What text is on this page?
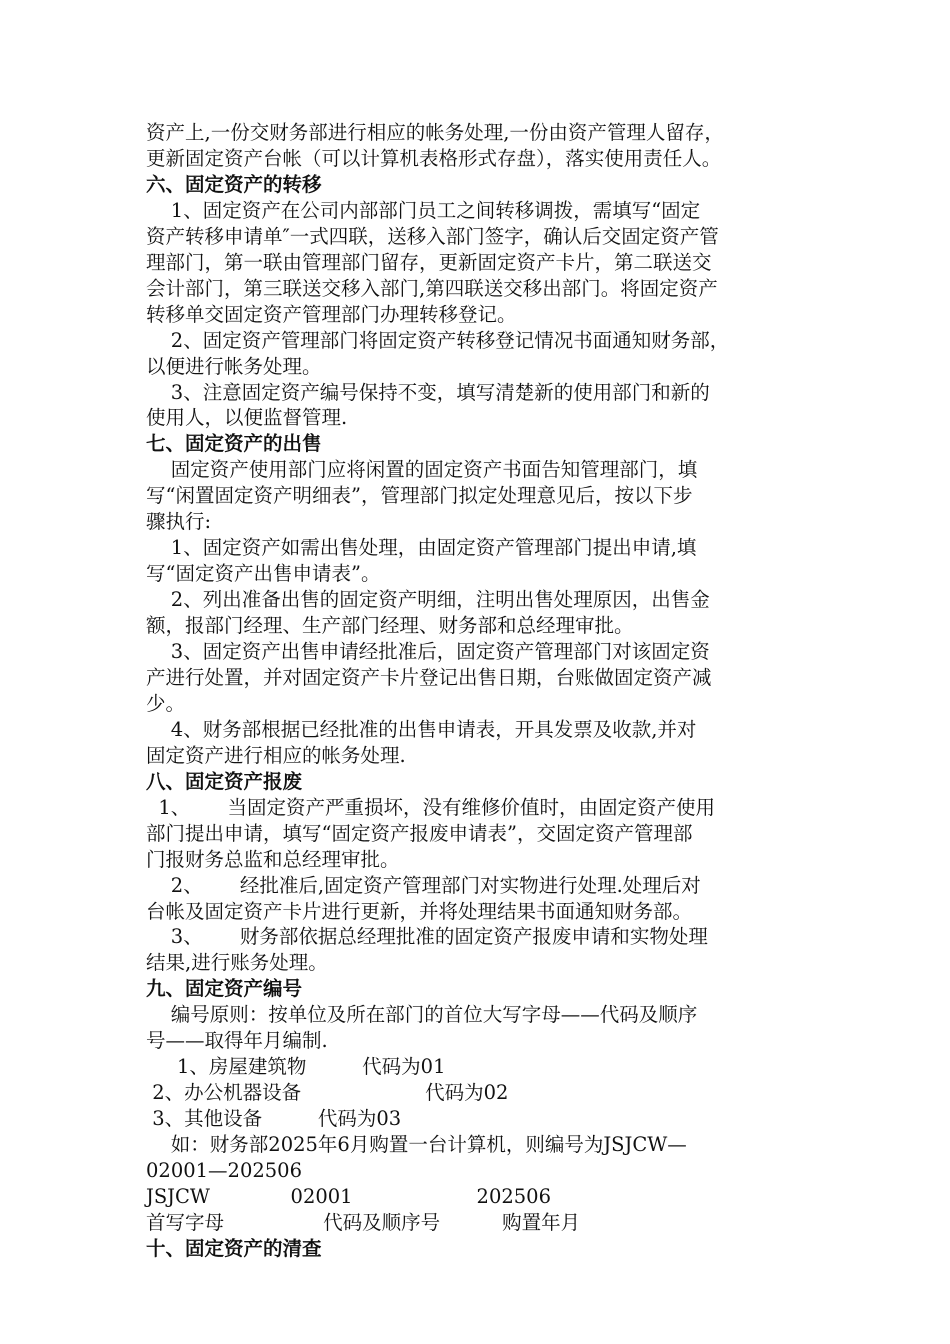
资产上,一份交财务部进行相应的帐务处理,一份由资产管理人留存，
更新固定资产台帐（可以计算机表格形式存盘），落实使用责任人。
六、固定资产的转移
1、固定资产在公司内部部门员工之间转移调拨，需填写“固定
资产转移申请单″一式四联，送移入部门签字，确认后交固定资产管
理部门，第一联由管理部门留存，更新固定资产卡片，第二联送交
会计部门，第三联送交移入部门,第四联送交移出部门。将固定资产
转移单交固定资产管理部门办理转移登记。
2、固定资产管理部门将固定资产转移登记情况书面通知财务部，
以便进行帐务处理。
3、注意固定资产编号保持不变，填写清楚新的使用部门和新的
使用人，以便监督管理.
七、固定资产的出售
固定资产使用部门应将闲置的固定资产书面告知管理部门，填
写“闲置固定资产明细表”，管理部门拟定处理意见后，按以下步
骤执行:
1、固定资产如需出售处理，由固定资产管理部门提出申请,填
写“固定资产出售申请表”。
2、列出准备出售的固定资产明细，注明出售处理原因，出售金
额，报部门经理、生产部门经理、财务部和总经理审批。
3、固定资产出售申请经批准后，固定资产管理部门对该固定资
产进行处置，并对固定资产卡片登记出售日期，台账做固定资产减
少。
4、财务部根据已经批准的出售申请表，开具发票及收款,并对
固定资产进行相应的帐务处理.
八、固定资产报废
1、      当固定资产严重损坏，没有维修价值时，由固定资产使用
部门提出申请，填写“固定资产报废申请表”，交固定资产管理部
门报财务总监和总经理审批。
2、      经批准后,固定资产管理部门对实物进行处理.处理后对
台帐及固定资产卡片进行更新，并将处理结果书面通知财务部。
3、      财务部依据总经理批准的固定资产报废申请和实物处理
结果,进行账务处理。
九、固定资产编号
编号原则：按单位及所在部门的首位大写字母——代码及顺序
号——取得年月编制.
1、房屋建筑物         代码为01
2、办公机器设备                    代码为02
3、其他设备         代码为03
如：财务部2025年6月购置一台计算机，则编号为JSJCW—
02001—202506
JSJCW             02001                    202506
首写字母                代码及顺序号          购置年月
十、固定资产的清查
